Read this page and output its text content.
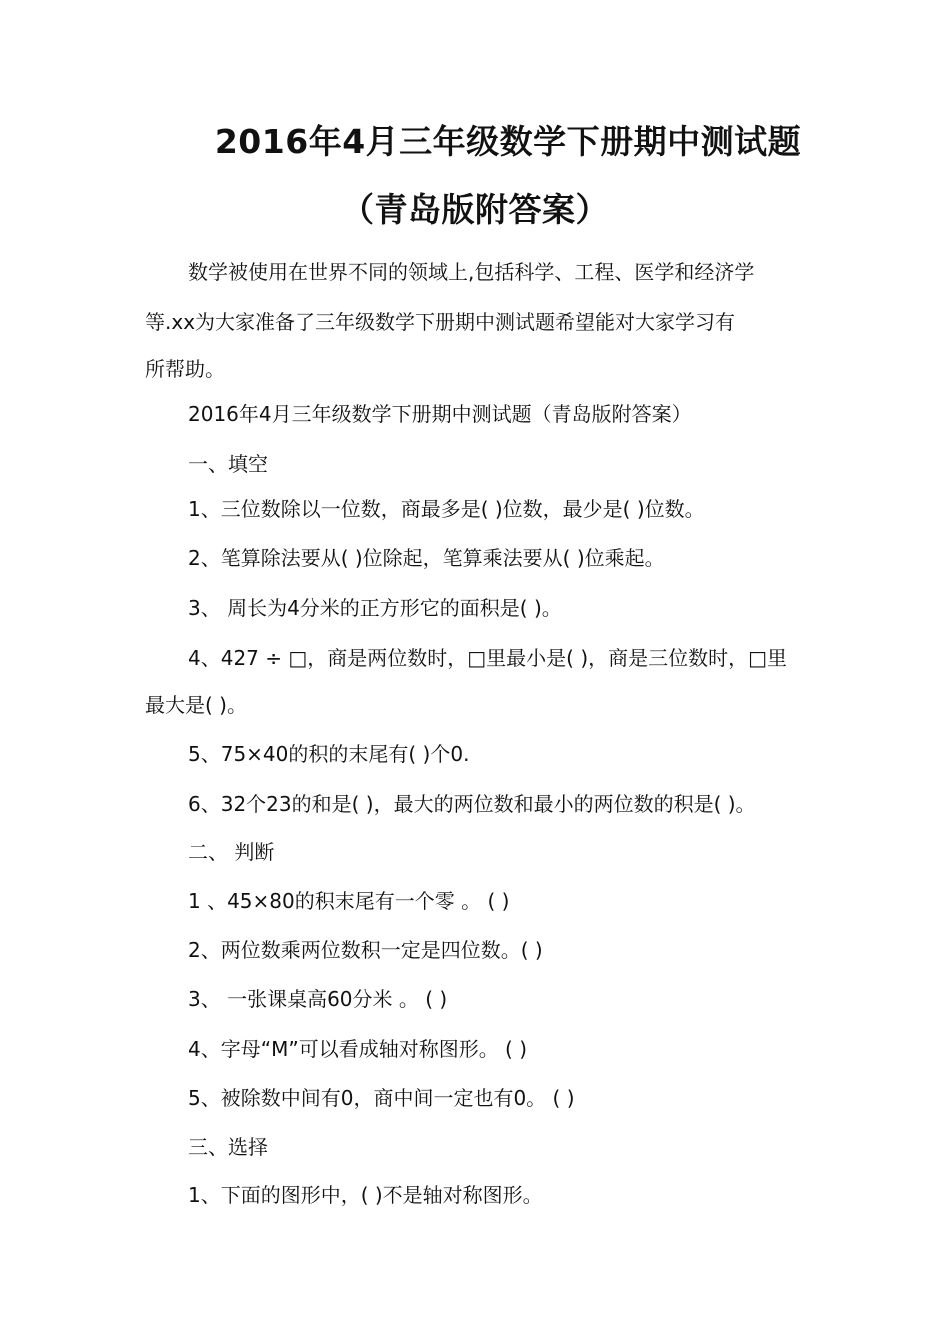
2016年4月三年级数学下册期中测试题
（青岛版附答案）
数学被使用在世界不同的领域上,包括科学、工程、医学和经济学
等.xx为大家准备了三年级数学下册期中测试题希望能对大家学习有
所帮助。
2016年4月三年级数学下册期中测试题（青岛版附答案）
一、填空
1、三位数除以一位数，商最多是( )位数，最少是( )位数。
2、笔算除法要从( )位除起，笔算乘法要从( )位乘起。
3、 周长为4分米的正方形它的面积是( )。
4、427 ÷ □，商是两位数时，□里最小是( )，商是三位数时，□里
最大是( )。
5、75×40的积的末尾有( )个0.
6、32个23的和是( )，最大的两位数和最小的两位数的积是( )。
二、 判断
1 、45×80的积末尾有一个零 。 ( )
2、两位数乘两位数积一定是四位数。( )
3、 一张课桌高60分米 。 ( )
4、字母“M”可以看成轴对称图形。 ( )
5、被除数中间有0，商中间一定也有0。 ( )
三、选择
1、下面的图形中，( )不是轴对称图形。
